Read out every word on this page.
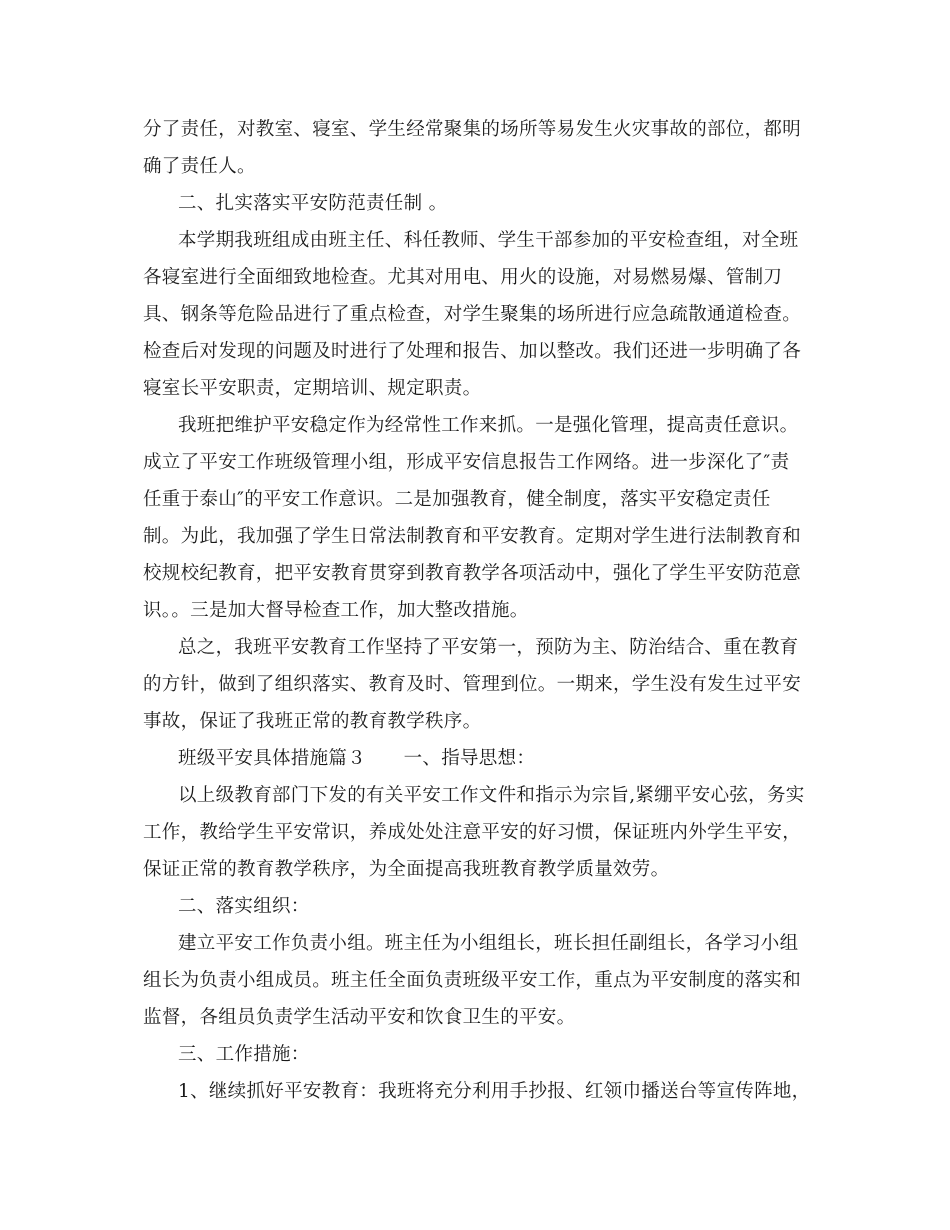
分了责任，对教室、寝室、学生经常聚集的场所等易发生火灾事故的部位，都明
确了责任人。
二、扎实落实平安防范责任制 。
本学期我班组成由班主任、科任教师、学生干部参加的平安检查组，对全班
各寝室进行全面细致地检查。尤其对用电、用火的设施，对易燃易爆、管制刀
具、钢条等危险品进行了重点检查，对学生聚集的场所进行应急疏散通道检查。
检查后对发现的问题及时进行了处理和报告、加以整改。我们还进一步明确了各
寝室长平安职责，定期培训、规定职责。
我班把维护平安稳定作为经常性工作来抓。一是强化管理，提高责任意识。
成立了平安工作班级管理小组，形成平安信息报告工作网络。进一步深化了″责
任重于泰山″的平安工作意识。二是加强教育，健全制度，落实平安稳定责任
制。为此，我加强了学生日常法制教育和平安教育。定期对学生进行法制教育和
校规校纪教育，把平安教育贯穿到教育教学各项活动中，强化了学生平安防范意
识。。三是加大督导检查工作，加大整改措施。
总之，我班平安教育工作坚持了平安第一，预防为主、防治结合、重在教育
的方针，做到了组织落实、教育及时、管理到位。一期来，学生没有发生过平安
事故，保证了我班正常的教育教学秩序。
班级平安具体措施篇３　　一、指导思想：
以上级教育部门下发的有关平安工作文件和指示为宗旨,紧绷平安心弦，务实
工作，教给学生平安常识，养成处处注意平安的好习惯，保证班内外学生平安，
保证正常的教育教学秩序，为全面提高我班教育教学质量效劳。
二、落实组织：
建立平安工作负责小组。班主任为小组组长，班长担任副组长，各学习小组
组长为负责小组成员。班主任全面负责班级平安工作，重点为平安制度的落实和
监督，各组员负责学生活动平安和饮食卫生的平安。
三、工作措施：
1、继续抓好平安教育：我班将充分利用手抄报、红领巾播送台等宣传阵地，
